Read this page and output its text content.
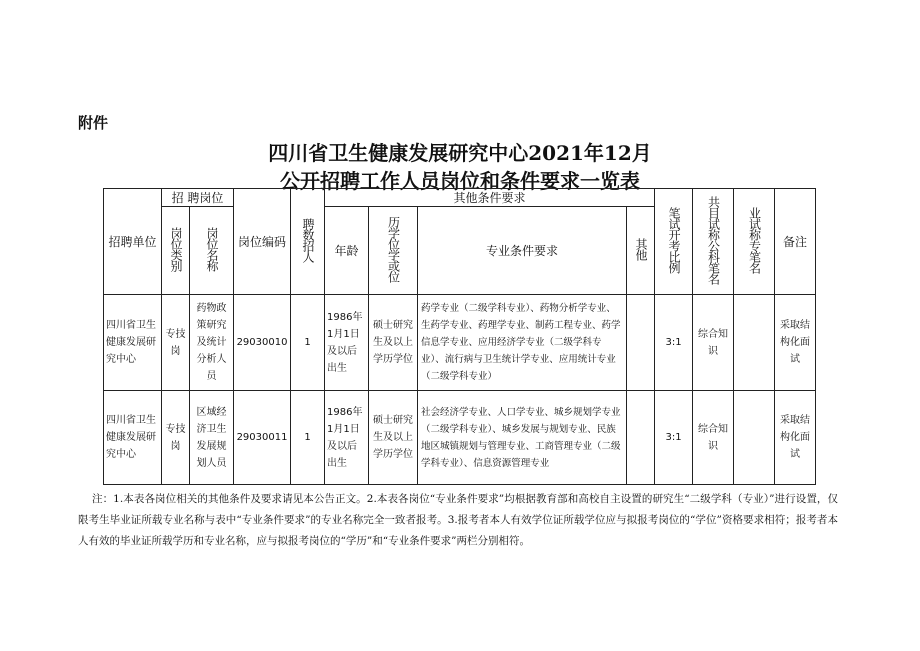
附件
四川省卫生健康发展研究中心2021年12月
公开招聘工作人员岗位和条件要求一览表
招聘单位	招 聘岗位		岗位编码	聘数招人	其他条件要求				笔试开考比例	共目试称公科笔名	业试称专笔名	备注
	岗位类别	岗位名称			年龄	历学位学或位	专业条件要求	其他				
四川省卫生健康发展研究中心	专技岗	药物政策研究及统计分析人员	29030010	1	1986年1月1日及以后出生	硕士研究生及以上学历学位	药学专业（二级学科专业）、药物分析学专业、生药学专业、药理学专业、制药工程专业、药学信息学专业、应用经济学专业（二级学科专业）、流行病与卫生统计学专业、应用统计专业（二级学科专业）		3:1	综合知识		采取结构化面试
四川省卫生健康发展研究中心	专技岗	区域经济卫生发展规划人员	29030011	1	1986年1月1日及以后出生	硕士研究生及以上学历学位	社会经济学专业、人口学专业、城乡规划学专业（二级学科专业）、城乡发展与规划专业、民族地区城镇规划与管理专业、工商管理专业（二级学科专业）、信息资源管理专业		3:1	综合知识		采取结构化面试
注：1.本表各岗位相关的其他条件及要求请见本公告正文。2.本表各岗位“专业条件要求”均根据教育部和高校自主设置的研究生“二级学科（专业）”进行设置，仅限考生毕业证所载专业名称与表中“专业条件要求”的专业名称完全一致者报考。3.报考者本人有效学位证所载学位应与拟报考岗位的“学位”资格要求相符；报考者本人有效的毕业证所载学历和专业名称，应与拟报考岗位的“学历”和“专业条件要求”两栏分别相符。
